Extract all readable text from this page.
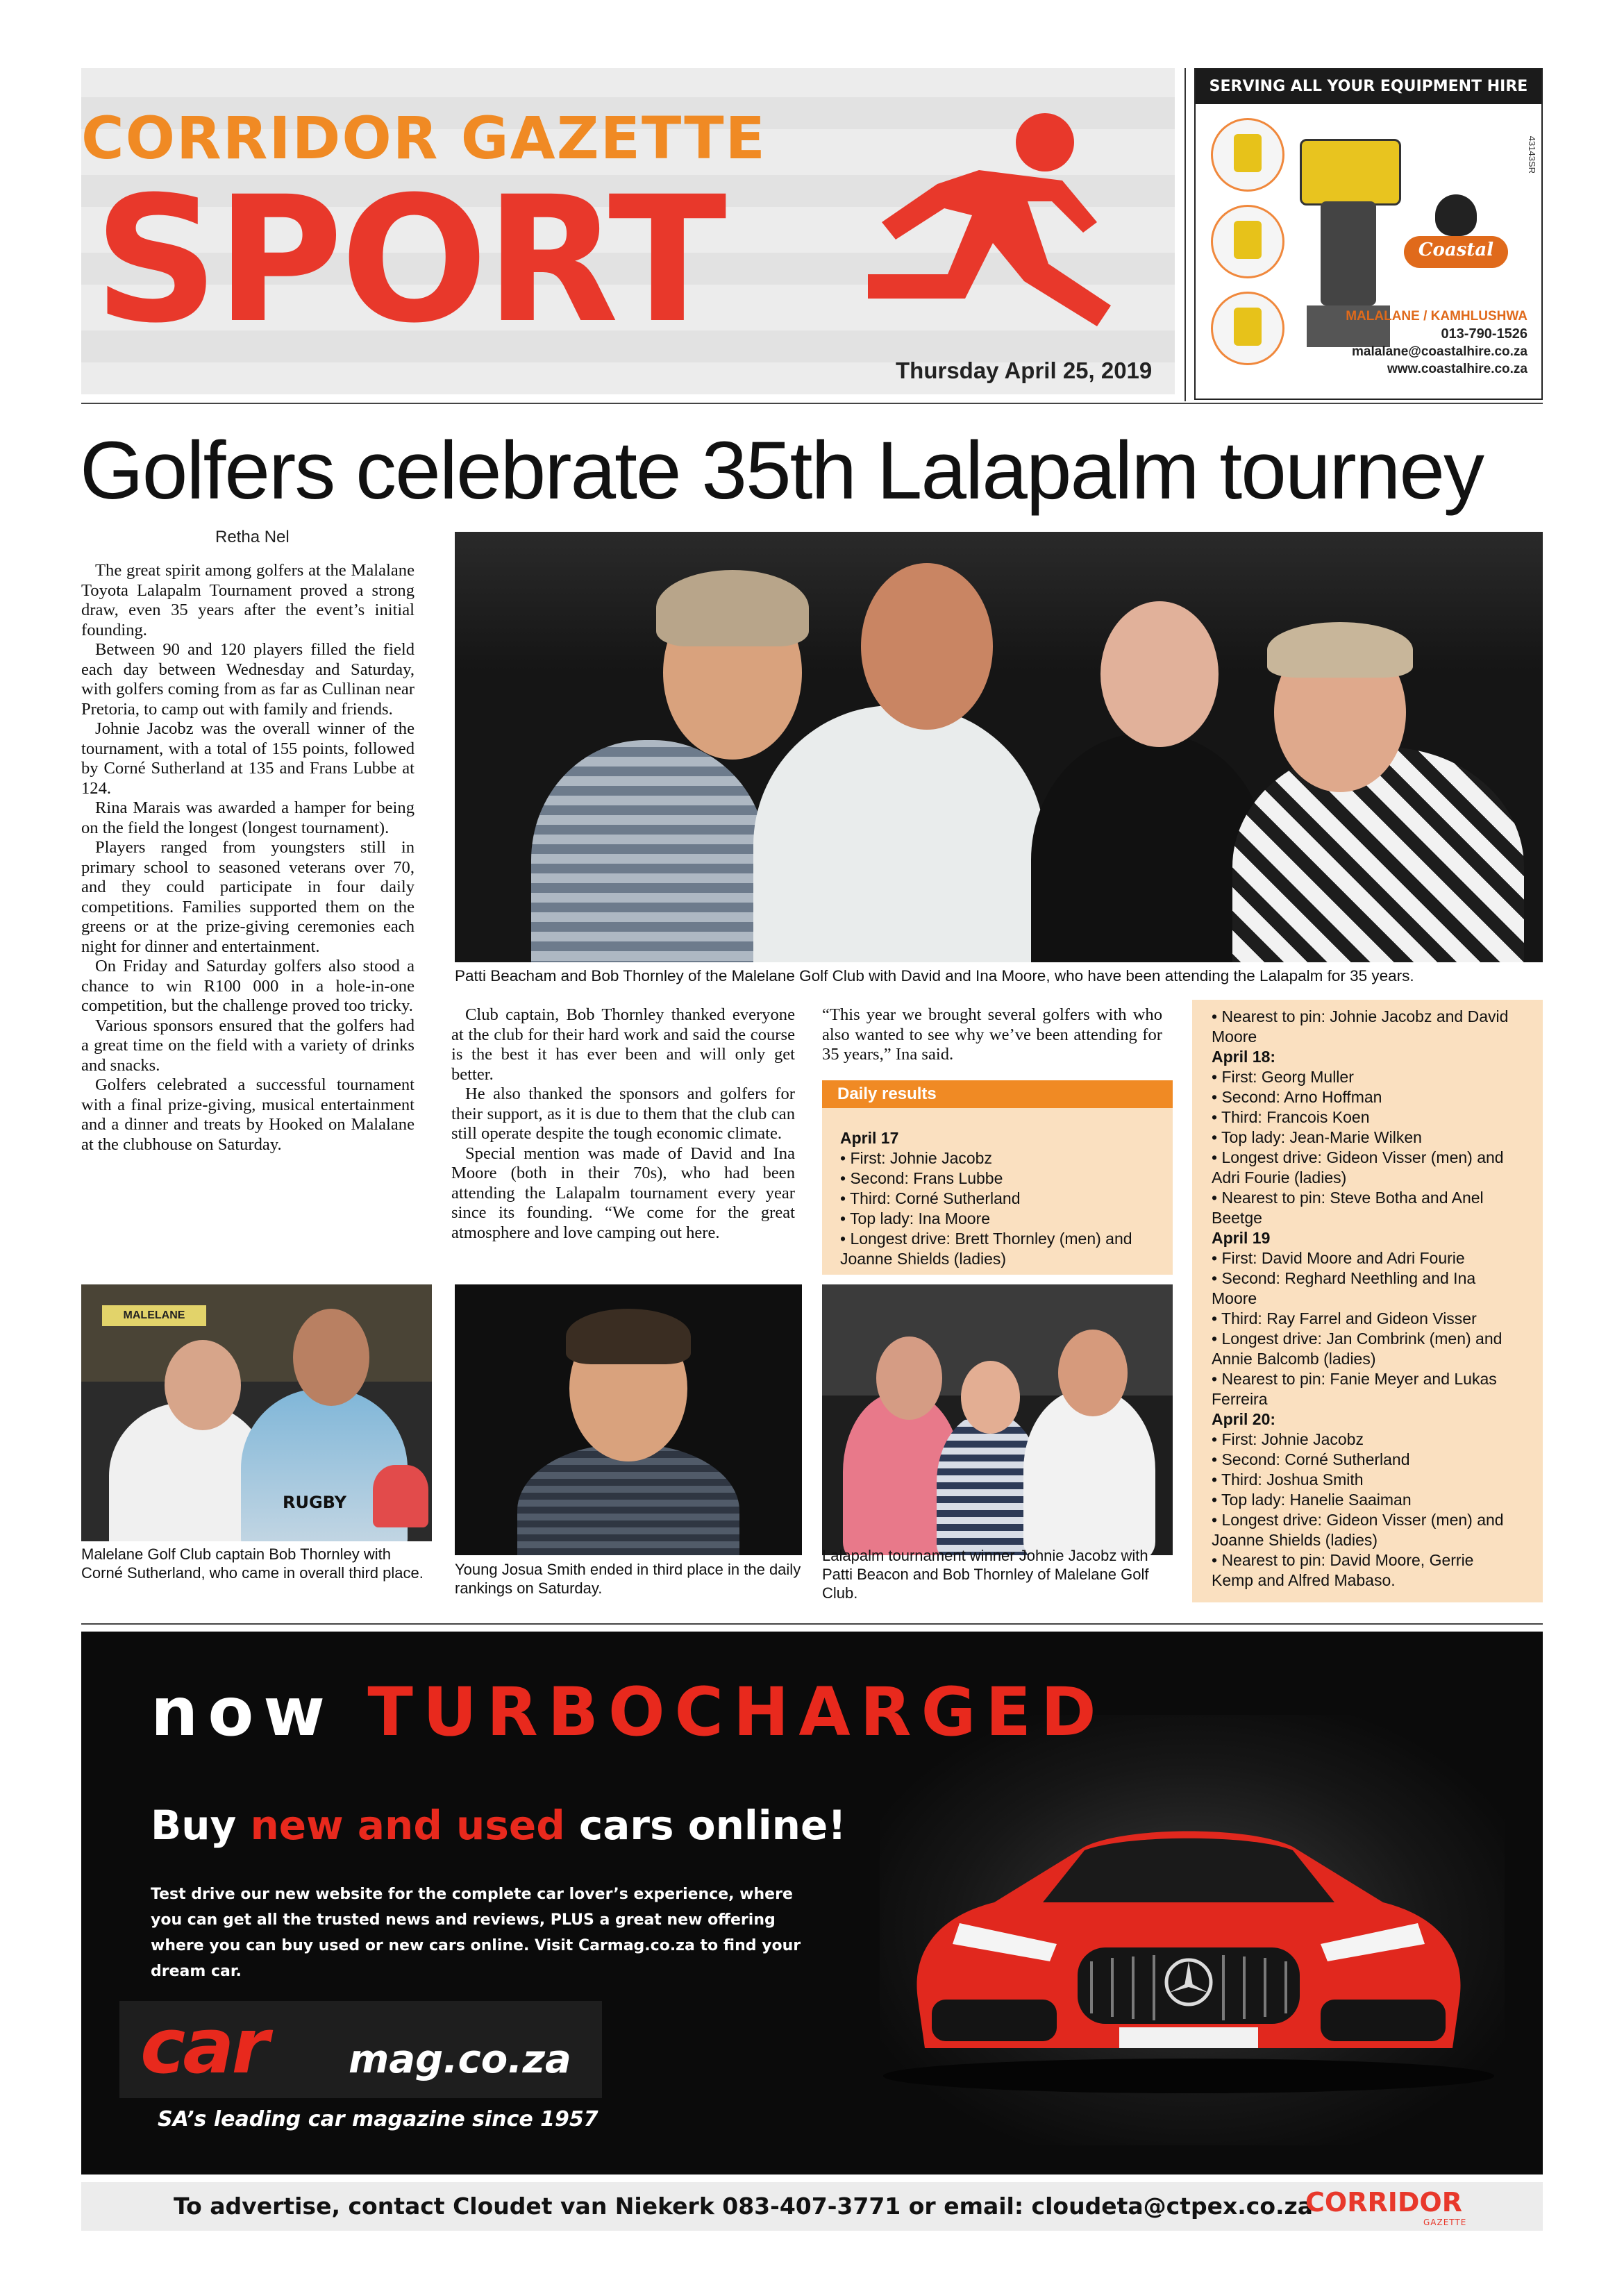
CORRIDOR GAZETTE
SPORT
Thursday April 25, 2019
SERVING ALL YOUR EQUIPMENT HIRE NEEDS
Coastal
43143SR
MALALANE / KAMHLUSHWA
013-790-1526
malalane@coastalhire.co.za
www.coastalhire.co.za
Golfers celebrate 35th Lalapalm tourney
Retha Nel

The great spirit among golfers at the Malalane Toyota Lalapalm Tournament proved a strong draw, even 35 years after the event’s initial founding.

Between 90 and 120 players filled the field each day between Wednesday and Saturday, with golfers coming from as far as Cullinan near Pretoria, to camp out with family and friends.

Johnie Jacobz was the overall winner of the tournament, with a total of 155 points, followed by Corné Sutherland at 135 and Frans Lubbe at 124.

Rina Marais was awarded a hamper for being on the field the longest (longest tournament).

Players ranged from youngsters still in primary school to seasoned veterans over 70, and they could participate in four daily competitions. Families supported them on the greens or at the prize-giving ceremonies each night for dinner and entertainment.

On Friday and Saturday golfers also stood a chance to win R100 000 in a hole-in-one competition, but the challenge proved too tricky.

Various sponsors ensured that the golfers had a great time on the field with a variety of drinks and snacks.

Golfers celebrated a successful tournament with a final prize-giving, musical entertainment and a dinner and treats by Hooked on Malalane at the clubhouse on Saturday.

Patti Beacham and Bob Thornley of the Malelane Golf Club with David and Ina Moore, who have been attending the Lalapalm for 35 years.

Club captain, Bob Thornley thanked everyone at the club for their hard work and said the course is the best it has ever been and will only get better.

He also thanked the sponsors and golfers for their support, as it is due to them that the club can still operate despite the tough economic climate.

Special mention was made of David and Ina Moore (both in their 70s), who had been attending the Lalapalm tournament every year since its founding. “We come for the great atmosphere and love camping out here.

“This year we brought several golfers with who also wanted to see why we’ve been attending for 35 years,” Ina said.

Daily results
April 17
• First: Johnie Jacobz
• Second: Frans Lubbe
• Third: Corné Sutherland
• Top lady: Ina Moore
• Longest drive: Brett Thornley (men) and
Joanne Shields (ladies)
• Nearest to pin: Johnie Jacobz and David
Moore
April 18:
• First: Georg Muller
• Second: Arno Hoffman
• Third: Francois Koen
• Top lady: Jean-Marie Wilken
• Longest drive: Gideon Visser (men) and
Adri Fourie (ladies)
• Nearest to pin: Steve Botha and Anel
Beetge
April 19
• First: David Moore and Adri Fourie
• Second: Reghard Neethling and Ina
Moore
• Third: Ray Farrel and Gideon Visser
• Longest drive: Jan Combrink (men) and
Annie Balcomb (ladies)
• Nearest to pin: Fanie Meyer and Lukas
Ferreira
April 20:
• First: Johnie Jacobz
• Second: Corné Sutherland
• Third: Joshua Smith
• Top lady: Hanelie Saaiman
• Longest drive: Gideon Visser (men) and
Joanne Shields (ladies)
• Nearest to pin: David Moore, Gerrie
Kemp and Alfred Mabaso.
MALELANE
RUGBY
Malelane Golf Club captain Bob Thornley with Corné Sutherland, who came in overall third place.	Young Josua Smith ended in third place in the daily rankings on Saturday.
Lalapalm tournament winner Johnie Jacobz with Patti Beacon and Bob Thornley of Malelane Golf Club.
now TURBOCHARGED
Buy new and used cars online!
Test drive our new website for the complete car lover’s experience, where you can get all the trusted news and reviews, PLUS a great new offering where you can buy used or new cars online. Visit Carmag.co.za to find your dream car.
car mag.co.za
SA’s leading car magazine since 1957
To advertise, contact Cloudet van Niekerk 083-407-3771 or email: cloudeta@ctpex.co.za
CORRIDOR
GAZETTE
